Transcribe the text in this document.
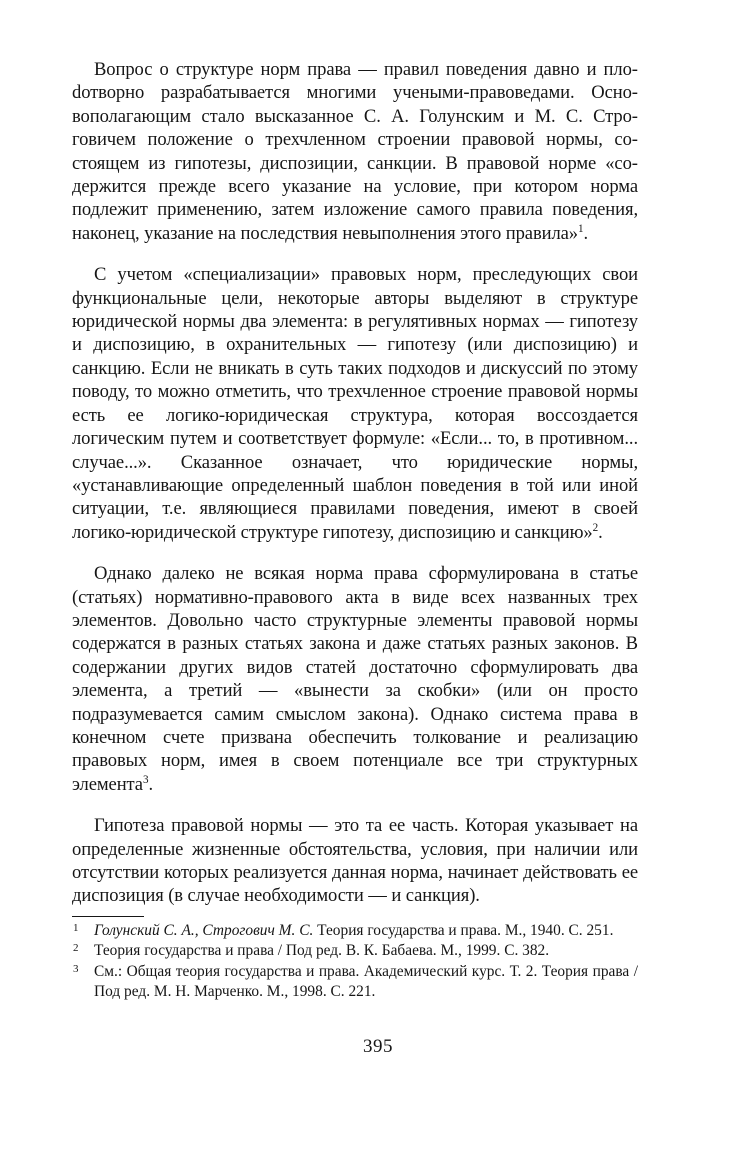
Вопрос о структуре норм права — правил поведения давно и плоdотворно разрабатывается многими учеными-правоведами. Основополагающим стало высказанное С. А. Голунским и М. С. Строговичем положение о трехчленном строении правовой нормы, состоящем из гипотезы, диспозиции, санкции. В правовой норме «содержится прежде всего указание на условие, при котором норма подлежит применению, затем изложение самого правила поведения, наконец, указание на последствия невыполнения этого правила»$^1$.

С учетом «специализации» правовых норм, преследующих свои функциональные цели, некоторые авторы выделяют в структуре юридической нормы два элемента: в регулятивных нормах — гипотезу и диспозицию, в охранительных — гипотезу (или диспозицию) и санкцию. Если не вникать в суть таких подходов и дискуссий по этому поводу, то можно отметить, что трехчленное строение правовой нормы есть ее логико-юридическая структура, которая воссоздается логическим путем и соответствует формуле: «Если... то, в противном... случае...». Сказанное означает, что юридические нормы, «устанавливающие определенный шаблон поведения в той или иной ситуации, т.е. являющиеся правилами поведения, имеют в своей логико-юридической структуре гипотезу, диспозицию и санкцию»$^2$.

Однако далеко не всякая норма права сформулирована в статье (статьях) нормативно-правового акта в виде всех названных трех элементов. Довольно часто структурные элементы правовой нормы содержатся в разных статьях закона и даже статьях разных законов. В содержании других видов статей достаточно сформулировать два элемента, а третий — «вынести за скобки» (или он просто подразумевается самим смыслом закона). Однако система права в конечном счете призвана обеспечить толкование и реализацию правовых норм, имея в своем потенциале все три структурных элемента$^3$.

Гипотеза правовой нормы — это та ее часть. Которая указывает на определенные жизненные обстоятельства, условия, при наличии или отсутствии которых реализуется данная норма, начинает действовать ее диспозиция (в случае необходимости — и санкция).

1 Голунский С. А., Строгович М. С. Теория государства и права. М., 1940. С. 251.

2 Теория государства и права / Под ред. В. К. Бабаева. М., 1999. С. 382.

3 См.: Общая теория государства и права. Академический курс. Т. 2. Теория права / Под ред. М. Н. Марченко. М., 1998. С. 221.

395
